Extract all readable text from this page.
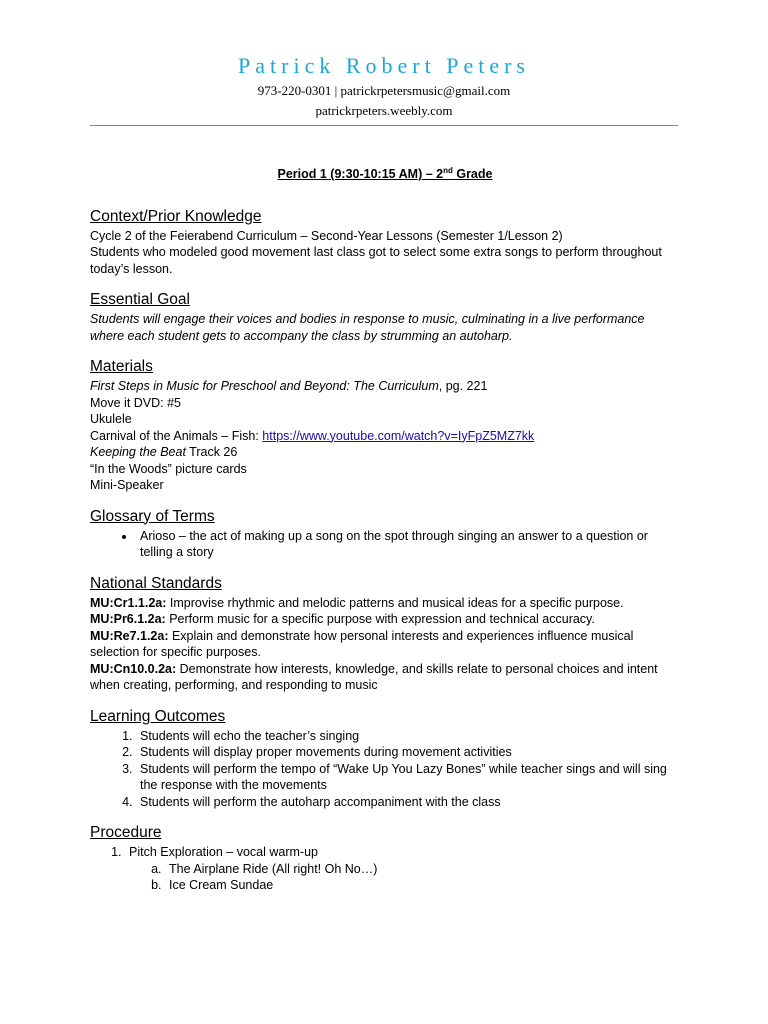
Patrick Robert Peters

973-220-0301 | patrickrpetersmusic@gmail.com
patrickrpeters.weebly.com
Period 1 (9:30-10:15 AM) – 2nd Grade
Context/Prior Knowledge

Cycle 2 of the Feierabend Curriculum – Second-Year Lessons (Semester 1/Lesson 2)

Students who modeled good movement last class got to select some extra songs to perform throughout today’s lesson.

Essential Goal

Students will engage their voices and bodies in response to music, culminating in a live performance where each student gets to accompany the class by strumming an autoharp.

Materials

First Steps in Music for Preschool and Beyond: The Curriculum, pg. 221

Move it DVD: #5

Ukulele

Carnival of the Animals – Fish: https://www.youtube.com/watch?v=IyFpZ5MZ7kk

Keeping the Beat Track 26

“In the Woods” picture cards

Mini-Speaker

Glossary of Terms
• Arioso – the act of making up a song on the spot through singing an answer to a question or telling a story
National Standards

MU:Cr1.1.2a: Improvise rhythmic and melodic patterns and musical ideas for a specific purpose.

MU:Pr6.1.2a: Perform music for a specific purpose with expression and technical accuracy.

MU:Re7.1.2a: Explain and demonstrate how personal interests and experiences influence musical selection for specific purposes.

MU:Cn10.0.2a: Demonstrate how interests, knowledge, and skills relate to personal choices and intent when creating, performing, and responding to music

Learning Outcomes
1. Students will echo the teacher’s singing
2. Students will display proper movements during movement activities
3. Students will perform the tempo of “Wake Up You Lazy Bones” while teacher sings and will sing the response with the movements
4. Students will perform the autoharp accompaniment with the class
Procedure
1. Pitch Exploration – vocal warm-up
a. The Airplane Ride (All right! Oh No…)
b. Ice Cream Sundae
